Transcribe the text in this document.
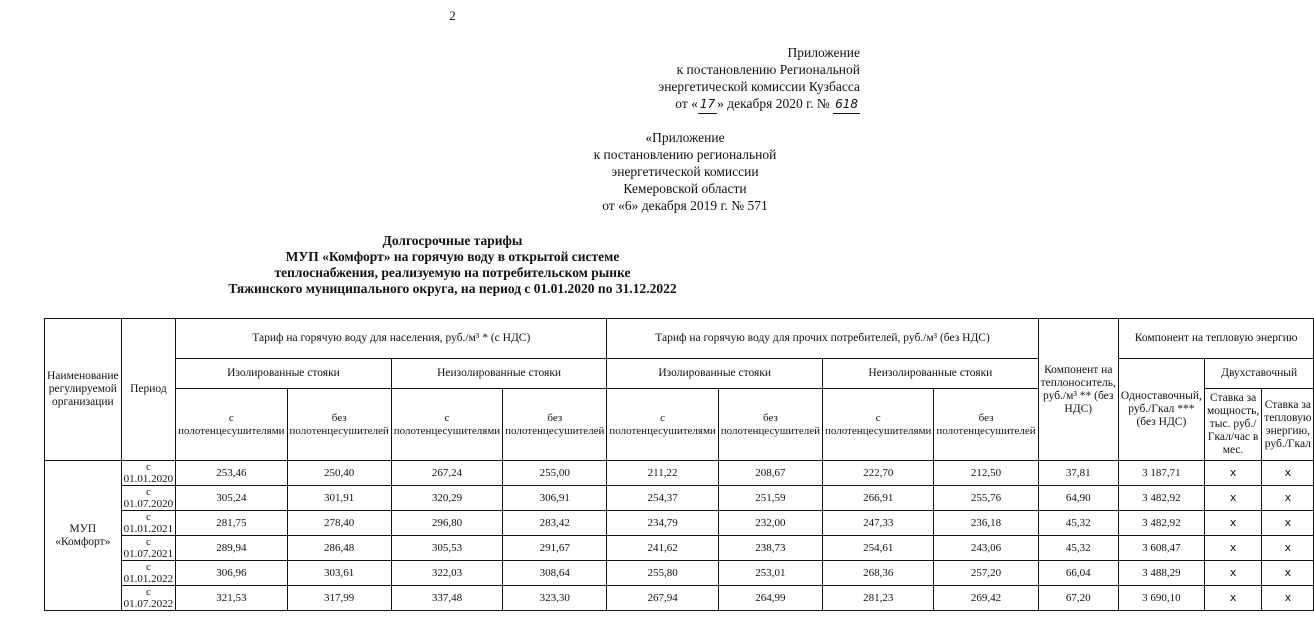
2
Приложение
к постановлению Региональной
энергетической комиссии Кузбасса
от « 17 » декабря 2020 г. № 618
«Приложение
к постановлению региональной
энергетической комиссии
Кемеровской области
от «6» декабря 2019 г. № 571
Долгосрочные тарифы
МУП «Комфорт» на горячую воду в открытой системе
теплоснабжения, реализуемую на потребительском рынке
Тяжинского муниципального округа, на период с 01.01.2020 по 31.12.2022
Наименование регулируемой организации	Период	Тариф на горячую воду для населения, руб./м³ * (с НДС)				Тариф на горячую воду для прочих потребителей, руб./м³ (без НДС)				Компонент на теплоноситель, руб./м³ ** (без НДС)	Компонент на тепловую энергию		
		Изолированные стояки		Неизолированные стояки		Изолированные стояки		Неизолированные стояки			Одноставочный, руб./Гкал *** (без НДС)	Двухставочный	
		с полотенцесушителями	без полотенцесушителей	с полотенцесушителями	без полотенцесушителей	с полотенцесушителями	без полотенцесушителей	с полотенцесушителями	без полотенцесушителей			Ставка за мощность, тыс. руб./Гкал/час в мес.	Ставка за тепловую энергию, руб./Гкал

МУП «Комфорт»	с 01.01.2020	253,46	250,40	267,24	255,00	211,22	208,67	222,70	212,50	37,81	3 187,71	x	x
	с 01.07.2020	305,24	301,91	320,29	306,91	254,37	251,59	266,91	255,76	64,90	3 482,92	x	x
	с 01.01.2021	281,75	278,40	296,80	283,42	234,79	232,00	247,33	236,18	45,32	3 482,92	x	x
	с 01.07.2021	289,94	286,48	305,53	291,67	241,62	238,73	254,61	243,06	45,32	3 608,47	x	x
	с 01.01.2022	306,96	303,61	322,03	308,64	255,80	253,01	268,36	257,20	66,04	3 488,29	x	x
	с 01.07.2022	321,53	317,99	337,48	323,30	267,94	264,99	281,23	269,42	67,20	3 690,10	x	x
